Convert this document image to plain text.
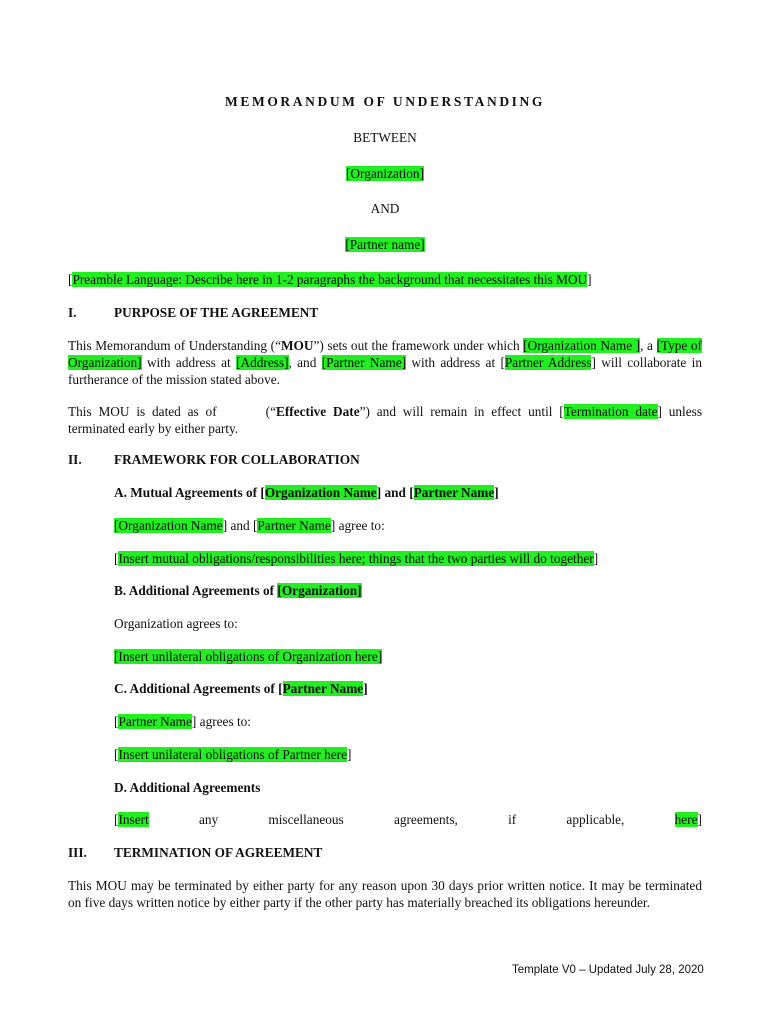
MEMORANDUM OF UNDERSTANDING
BETWEEN
[Organization]
AND
[Partner name]
[Preamble Language: Describe here in 1-2 paragraphs the background that necessitates this MOU]
I.	PURPOSE OF THE AGREEMENT
This Memorandum of Understanding (“MOU”) sets out the framework under which [Organization Name ], a [Type of Organization] with address at [Address], and [Partner Name] with address at [Partner Address] will collaborate in furtherance of the mission stated above.
This MOU is dated as of	(“Effective Date”) and will remain in effect until [Termination date] unless terminated early by either party.
II. FRAMEWORK FOR COLLABORATION
A. Mutual Agreements of [Organization Name] and [Partner Name]
[Organization Name] and [Partner Name] agree to:
[Insert mutual obligations/responsibilities here; things that the two parties will do together]
B. Additional Agreements of [Organization]
Organization agrees to:
[Insert unilateral obligations of Organization here]
C. Additional Agreements of [Partner Name]
[Partner Name] agrees to:
[Insert unilateral obligations of Partner here]
D. Additional Agreements
[Insert	any	miscellaneous	agreements,	if	applicable,	here]
III. TERMINATION OF AGREEMENT
This MOU may be terminated by either party for any reason upon 30 days prior written notice. It may be terminated on five days written notice by either party if the other party has materially breached its obligations hereunder.
Template V0 – Updated July 28, 2020
